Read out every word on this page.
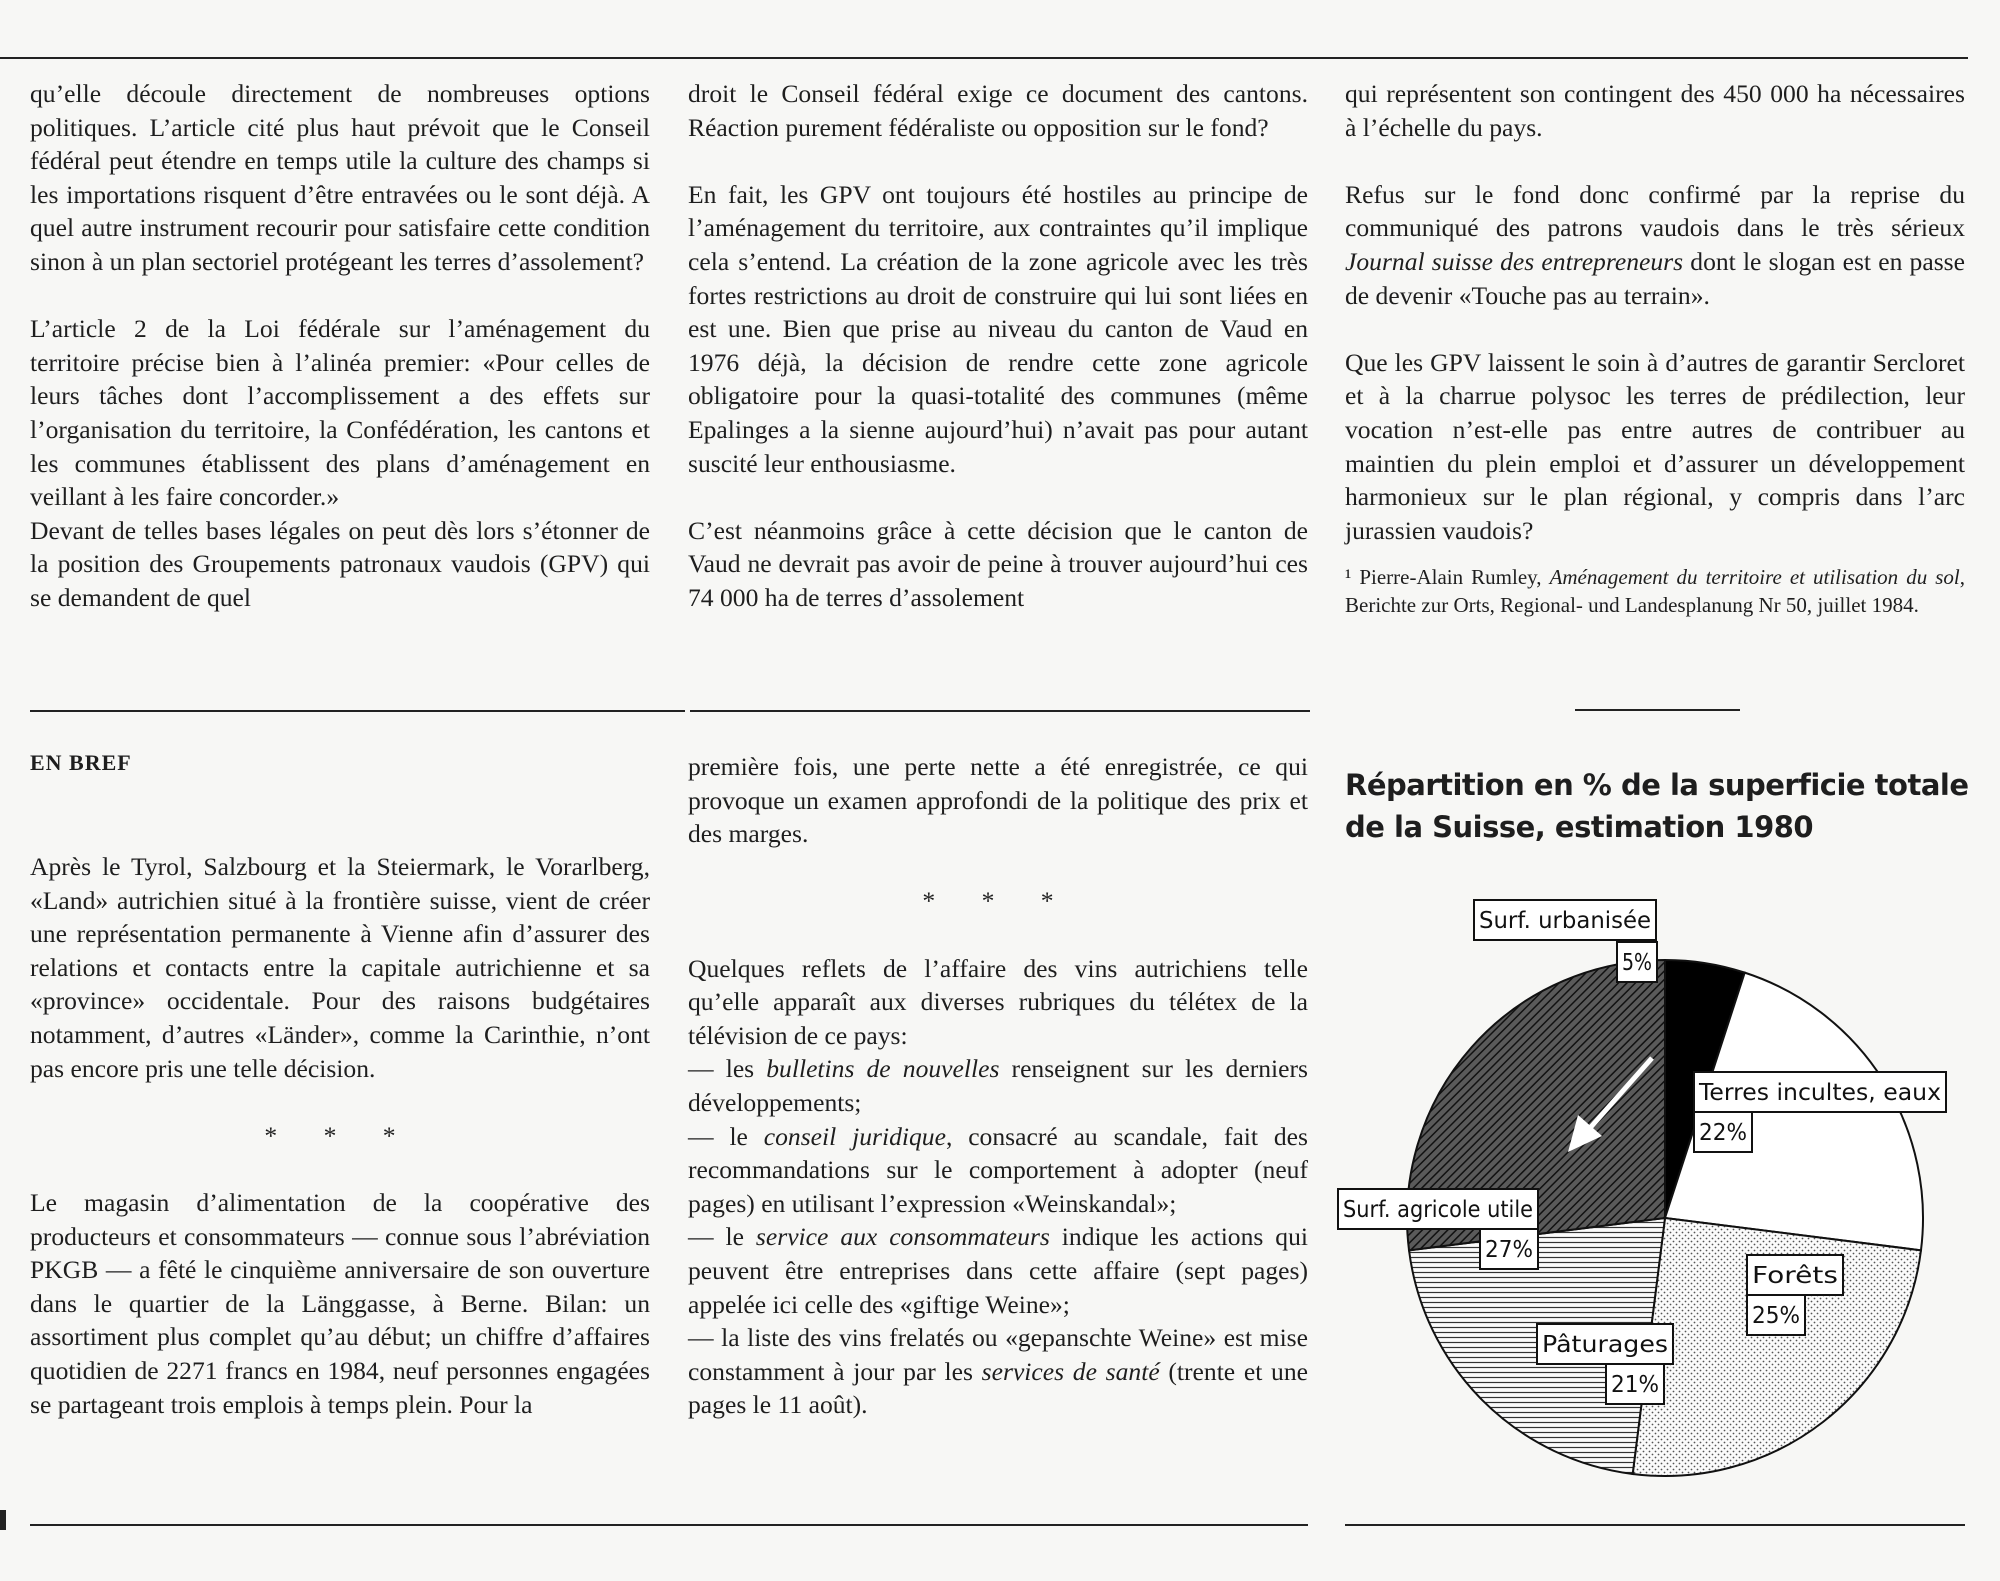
qu’elle découle directement de nombreuses options politiques. L’article cité plus haut prévoit que le Conseil fédéral peut étendre en temps utile la culture des champs si les importations risquent d’être entravées ou le sont déjà. A quel autre instrument recourir pour satisfaire cette condition sinon à un plan sectoriel protégeant les terres d’assolement?

L’article 2 de la Loi fédérale sur l’aménagement du territoire précise bien à l’alinéa premier: «Pour celles de leurs tâches dont l’accomplissement a des effets sur l’organisation du territoire, la Confédération, les cantons et les communes établissent des plans d’aménagement en veillant à les faire concorder.»

Devant de telles bases légales on peut dès lors s’étonner de la position des Groupements patronaux vaudois (GPV) qui se demandent de quel

droit le Conseil fédéral exige ce document des cantons. Réaction purement fédéraliste ou opposition sur le fond?

En fait, les GPV ont toujours été hostiles au principe de l’aménagement du territoire, aux contraintes qu’il implique cela s’entend. La création de la zone agricole avec les très fortes restrictions au droit de construire qui lui sont liées en est une. Bien que prise au niveau du canton de Vaud en 1976 déjà, la décision de rendre cette zone agricole obligatoire pour la quasi-totalité des communes (même Epalinges a la sienne aujourd’hui) n’avait pas pour autant suscité leur enthousiasme.

C’est néanmoins grâce à cette décision que le canton de Vaud ne devrait pas avoir de peine à trouver aujourd’hui ces 74 000 ha de terres d’assolement

qui représentent son contingent des 450 000 ha nécessaires à l’échelle du pays.

Refus sur le fond donc confirmé par la reprise du communiqué des patrons vaudois dans le très sérieux Journal suisse des entrepreneurs dont le slogan est en passe de devenir «Touche pas au terrain».

Que les GPV laissent le soin à d’autres de garantir Sercloret et à la charrue polysoc les terres de prédilection, leur vocation n’est-elle pas entre autres de contribuer au maintien du plein emploi et d’assurer un développement harmonieux sur le plan régional, y compris dans l’arc jurassien vaudois?

¹ Pierre-Alain Rumley, Aménagement du territoire et utilisation du sol, Berichte zur Orts, Regional- und Landesplanung Nr 50, juillet 1984.

EN BREF

Après le Tyrol, Salzbourg et la Steiermark, le Vorarlberg, «Land» autrichien situé à la frontière suisse, vient de créer une représentation permanente à Vienne afin d’assurer des relations et contacts entre la capitale autrichienne et sa «province» occidentale. Pour des raisons budgétaires notamment, d’autres «Länder», comme la Carinthie, n’ont pas encore pris une telle décision.

* * *

Le magasin d’alimentation de la coopérative des producteurs et consommateurs — connue sous l’abréviation PKGB — a fêté le cinquième anniversaire de son ouverture dans le quartier de la Länggasse, à Berne. Bilan: un assortiment plus complet qu’au début; un chiffre d’affaires quotidien de 2271 francs en 1984, neuf personnes engagées se partageant trois emplois à temps plein. Pour la

première fois, une perte nette a été enregistrée, ce qui provoque un examen approfondi de la politique des prix et des marges.

* * *

Quelques reflets de l’affaire des vins autrichiens telle qu’elle apparaît aux diverses rubriques du télétex de la télévision de ce pays:

— les bulletins de nouvelles renseignent sur les derniers développements;

— le conseil juridique, consacré au scandale, fait des recommandations sur le comportement à adopter (neuf pages) en utilisant l’expression «Weinskandal»;

— le service aux consommateurs indique les actions qui peuvent être entreprises dans cette affaire (sept pages) appelée ici celle des «giftige Weine»;

— la liste des vins frelatés ou «gepanschte Weine» est mise constamment à jour par les services de santé (trente et une pages le 11 août).

Répartition en % de la superficie totale
de la Suisse, estimation 1980
Surf. urbanisée
5%
Terres incultes, eaux
22%
Forêts
25%
Pâturages
21%
Surf. agricole utile
27%
